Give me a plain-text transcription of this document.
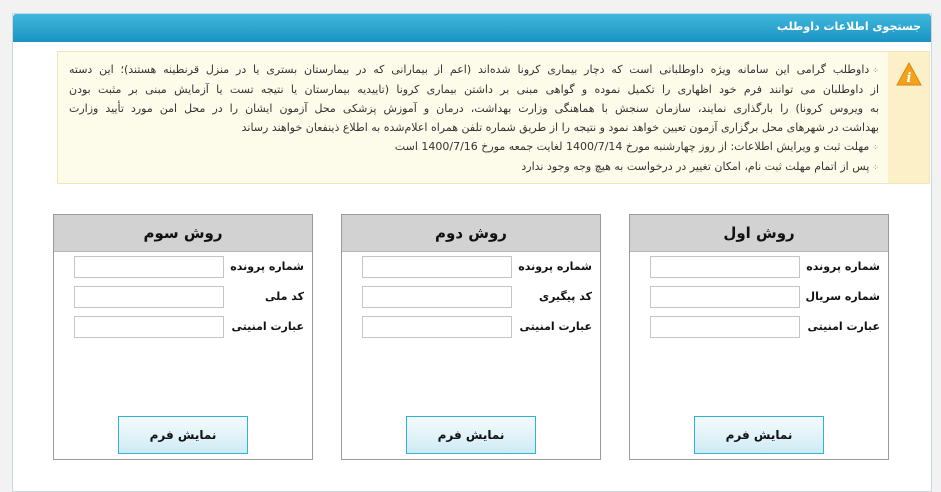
جستجوی اطلاعات داوطلب
i

⁘داوطلب گرامی این سامانه ویژه داوطلبانی است که دچار بیماری کرونا شده‌اند (اعم از بیمارانی که در بیمارستان بستری یا در منزل قرنطینه هستند)؛ این دسته

از داوطلبان می توانند فرم خود اظهاری را تکمیل نموده و گواهی مبنی بر داشتن بیماری کرونا (تاییدیه بیمارستان یا نتیجه تست یا آزمایش مبنی بر مثبت بودن

به ویروس کرونا) را بارگذاری نمایند، سازمان سنجش با هماهنگی وزارت بهداشت، درمان و آموزش پزشکی محل آزمون ایشان را در محل امن مورد تأیید وزارت

بهداشت در شهرهای محل برگزاری آزمون تعیین خواهد نمود و نتیجه را از طریق شماره تلفن همراه اعلام‌شده به اطلاع ذینفعان خواهند رساند

⁘مهلت ثبت و ویرایش اطلاعات: از روز چهارشنبه مورخ 1400/7/14 لغایت جمعه مورخ 1400/7/16 است

⁘پس از اتمام مهلت ثبت نام، امکان تغییر در درخواست به هیچ وجه وجود ندارد

روش اول
شماره پرونده
شماره سریال
عبارت امنیتی
نمایش فرم
روش دوم
شماره پرونده
کد پیگیری
عبارت امنیتی
نمایش فرم
روش سوم
شماره پرونده
کد ملی
عبارت امنیتی
نمایش فرم
